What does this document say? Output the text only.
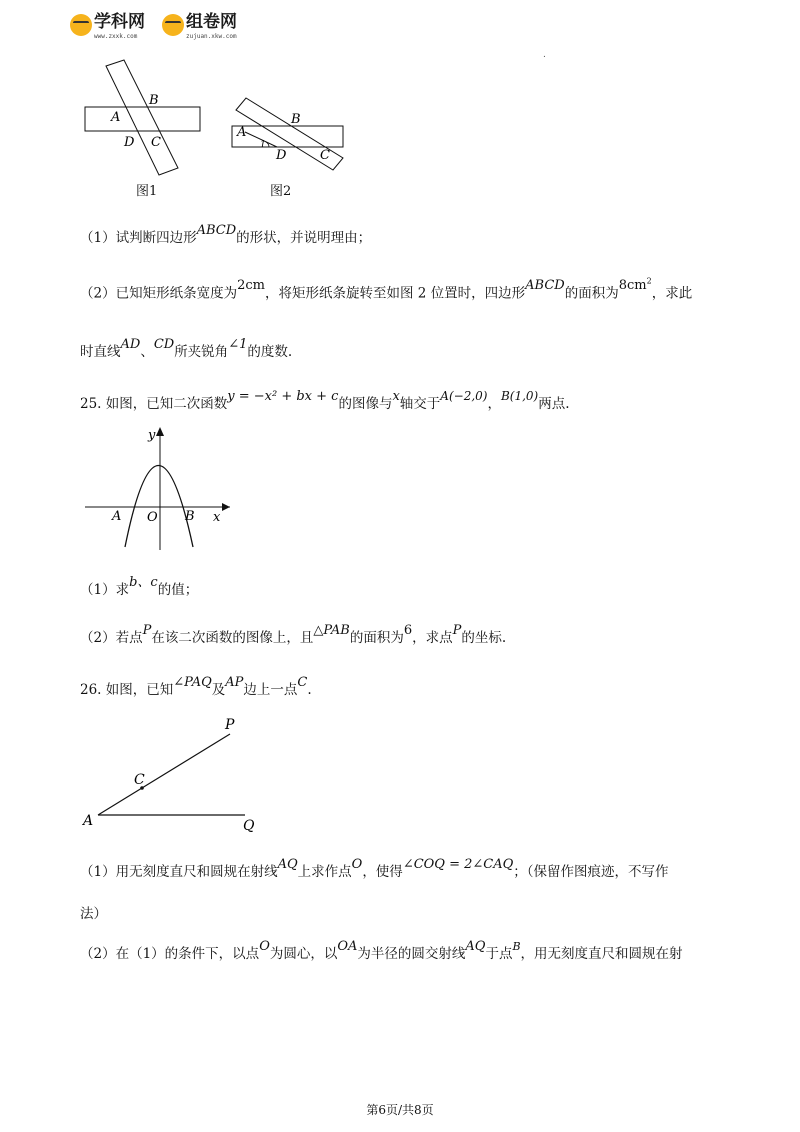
学科网
www.zxxk.com
组卷网
zujuan.xkw.com
.
B
A
D C
图1
B
A
1
D	C
图2
（1）试判断四边形ABCD的形状，并说明理由；
（2）已知矩形纸条宽度为2cm，将矩形纸条旋转至如图 2 位置时，四边形ABCD的面积为$8cm^2$，求此
时直线AD、CD所夹锐角∠1的度数.
25. 如图，已知二次函数y = −x² + bx + c的图像与x轴交于A(−2,0)，B(1,0)两点.
y
x
A O B
（1）求b、c的值；
（2）若点P在该二次函数的图像上，且△PAB的面积为6，求点P的坐标.
26. 如图，已知∠PAQ及AP边上一点C.
P
C
A	Q
（1）用无刻度直尺和圆规在射线AQ上求作点O，使得∠COQ = 2∠CAQ；（保留作图痕迹，不写作
法）
（2）在（1）的条件下，以点O为圆心，以OA为半径的圆交射线AQ于点$^B$，用无刻度直尺和圆规在射
第6页/共8页
